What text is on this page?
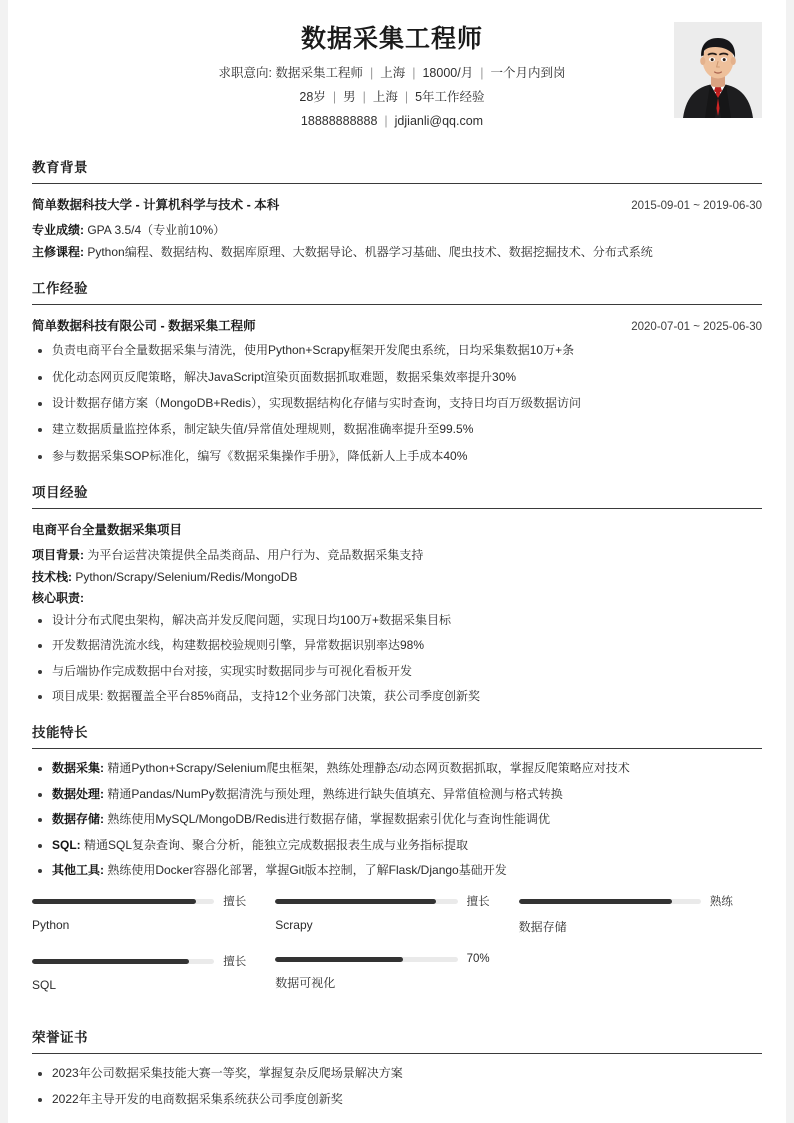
数据采集工程师
求职意向: 数据采集工程师 | 上海 | 18000/月 | 一个月内到岗
28岁 | 男 | 上海 | 5年工作经验
18888888888 | jdjianli@qq.com
教育背景
简单数据科技大学 - 计算机科学与技术 - 本科	2015-09-01 ~ 2019-06-30
专业成绩: GPA 3.5/4（专业前10%）
主修课程: Python编程、数据结构、数据库原理、大数据导论、机器学习基础、爬虫技术、数据挖掘技术、分布式系统
工作经验
简单数据科技有限公司 - 数据采集工程师	2020-07-01 ~ 2025-06-30
负责电商平台全量数据采集与清洗，使用Python+Scrapy框架开发爬虫系统，日均采集数据10万+条
优化动态网页反爬策略，解决JavaScript渲染页面数据抓取难题，数据采集效率提升30%
设计数据存储方案（MongoDB+Redis），实现数据结构化存储与实时查询，支持日均百万级数据访问
建立数据质量监控体系，制定缺失值/异常值处理规则，数据准确率提升至99.5%
参与数据采集SOP标准化，编写《数据采集操作手册》，降低新人上手成本40%
项目经验
电商平台全量数据采集项目
项目背景: 为平台运营决策提供全品类商品、用户行为、竞品数据采集支持
技术栈: Python/Scrapy/Selenium/Redis/MongoDB
核心职责:
设计分布式爬虫架构，解决高并发反爬问题，实现日均100万+数据采集目标
开发数据清洗流水线，构建数据校验规则引擎，异常数据识别率达98%
与后端协作完成数据中台对接，实现实时数据同步与可视化看板开发
项目成果: 数据覆盖全平台85%商品，支持12个业务部门决策，获公司季度创新奖
技能特长
数据采集: 精通Python+Scrapy/Selenium爬虫框架，熟练处理静态/动态网页数据抓取，掌握反爬策略应对技术
数据处理: 精通Pandas/NumPy数据清洗与预处理，熟练进行缺失值填充、异常值检测与格式转换
数据存储: 熟练使用MySQL/MongoDB/Redis进行数据存储，掌握数据索引优化与查询性能调优
SQL: 精通SQL复杂查询、聚合分析，能独立完成数据报表生成与业务指标提取
其他工具: 熟练使用Docker容器化部署，掌握Git版本控制，了解Flask/Django基础开发
擅长
Python
擅长
Scrapy
熟练
数据存储
擅长
SQL
70%
数据可视化
荣誉证书
2023年公司数据采集技能大赛一等奖，掌握复杂反爬场景解决方案
2022年主导开发的电商数据采集系统获公司季度创新奖
